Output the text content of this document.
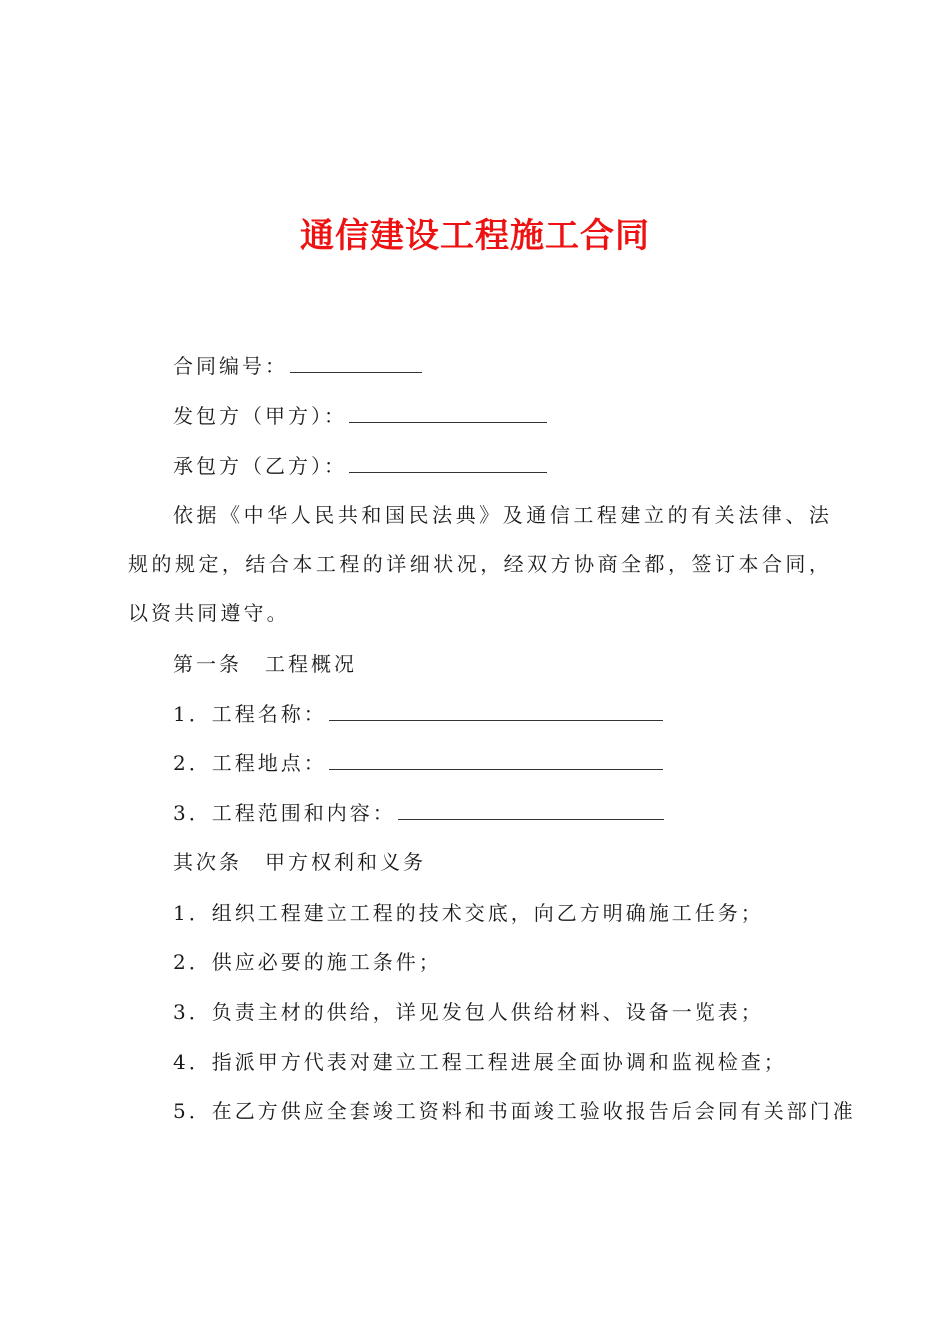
通信建设工程施工合同
合同编号：
发包方（甲方）：
承包方（乙方）：
依据《中华人民共和国民法典》及通信工程建立的有关法律、法规的规定，结合本工程的详细状况，经双方协商全都，签订本合同，以资共同遵守。
第一条　工程概况
1．工程名称：
2．工程地点：
3．工程范围和内容：
其次条　甲方权利和义务
1．组织工程建立工程的技术交底，向乙方明确施工任务；
2．供应必要的施工条件；
3．负责主材的供给，详见发包人供给材料、设备一览表；
4．指派甲方代表对建立工程工程进展全面协调和监视检查；
5．在乙方供应全套竣工资料和书面竣工验收报告后会同有关部门准
